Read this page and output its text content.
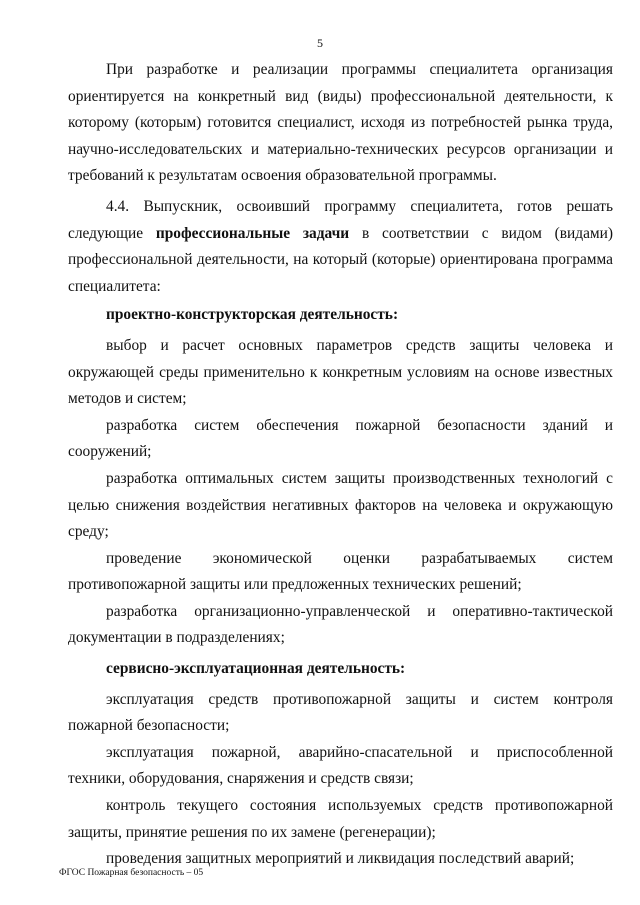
5

При разработке и реализации программы специалитета организация ориентируется на конкретный вид (виды) профессиональной деятельности, к которому (которым) готовится специалист, исходя из потребностей рынка труда, научно-исследовательских и материально-технических ресурсов организации и требований к результатам освоения образовательной программы.

4.4. Выпускник, освоивший программу специалитета, готов решать следующие профессиональные задачи в соответствии с видом (видами) профессиональной деятельности, на который (которые) ориентирована программа специалитета:

проектно-конструкторская деятельность:

выбор и расчет основных параметров средств защиты человека и окружающей среды применительно к конкретным условиям на основе известных методов и систем;

разработка систем обеспечения пожарной безопасности зданий и сооружений;

разработка оптимальных систем защиты производственных технологий с целью снижения воздействия негативных факторов на человека и окружающую среду;

проведение экономической оценки разрабатываемых систем противопожарной защиты или предложенных технических решений;

разработка организационно-управленческой и оперативно-тактической документации в подразделениях;

сервисно-эксплуатационная деятельность:

эксплуатация средств противопожарной защиты и систем контроля пожарной безопасности;

эксплуатация пожарной, аварийно-спасательной и приспособленной техники, оборудования, снаряжения и средств связи;

контроль текущего состояния используемых средств противопожарной защиты, принятие решения по их замене (регенерации);

проведения защитных мероприятий и ликвидация последствий аварий;

ФГОС Пожарная безопасность – 05
